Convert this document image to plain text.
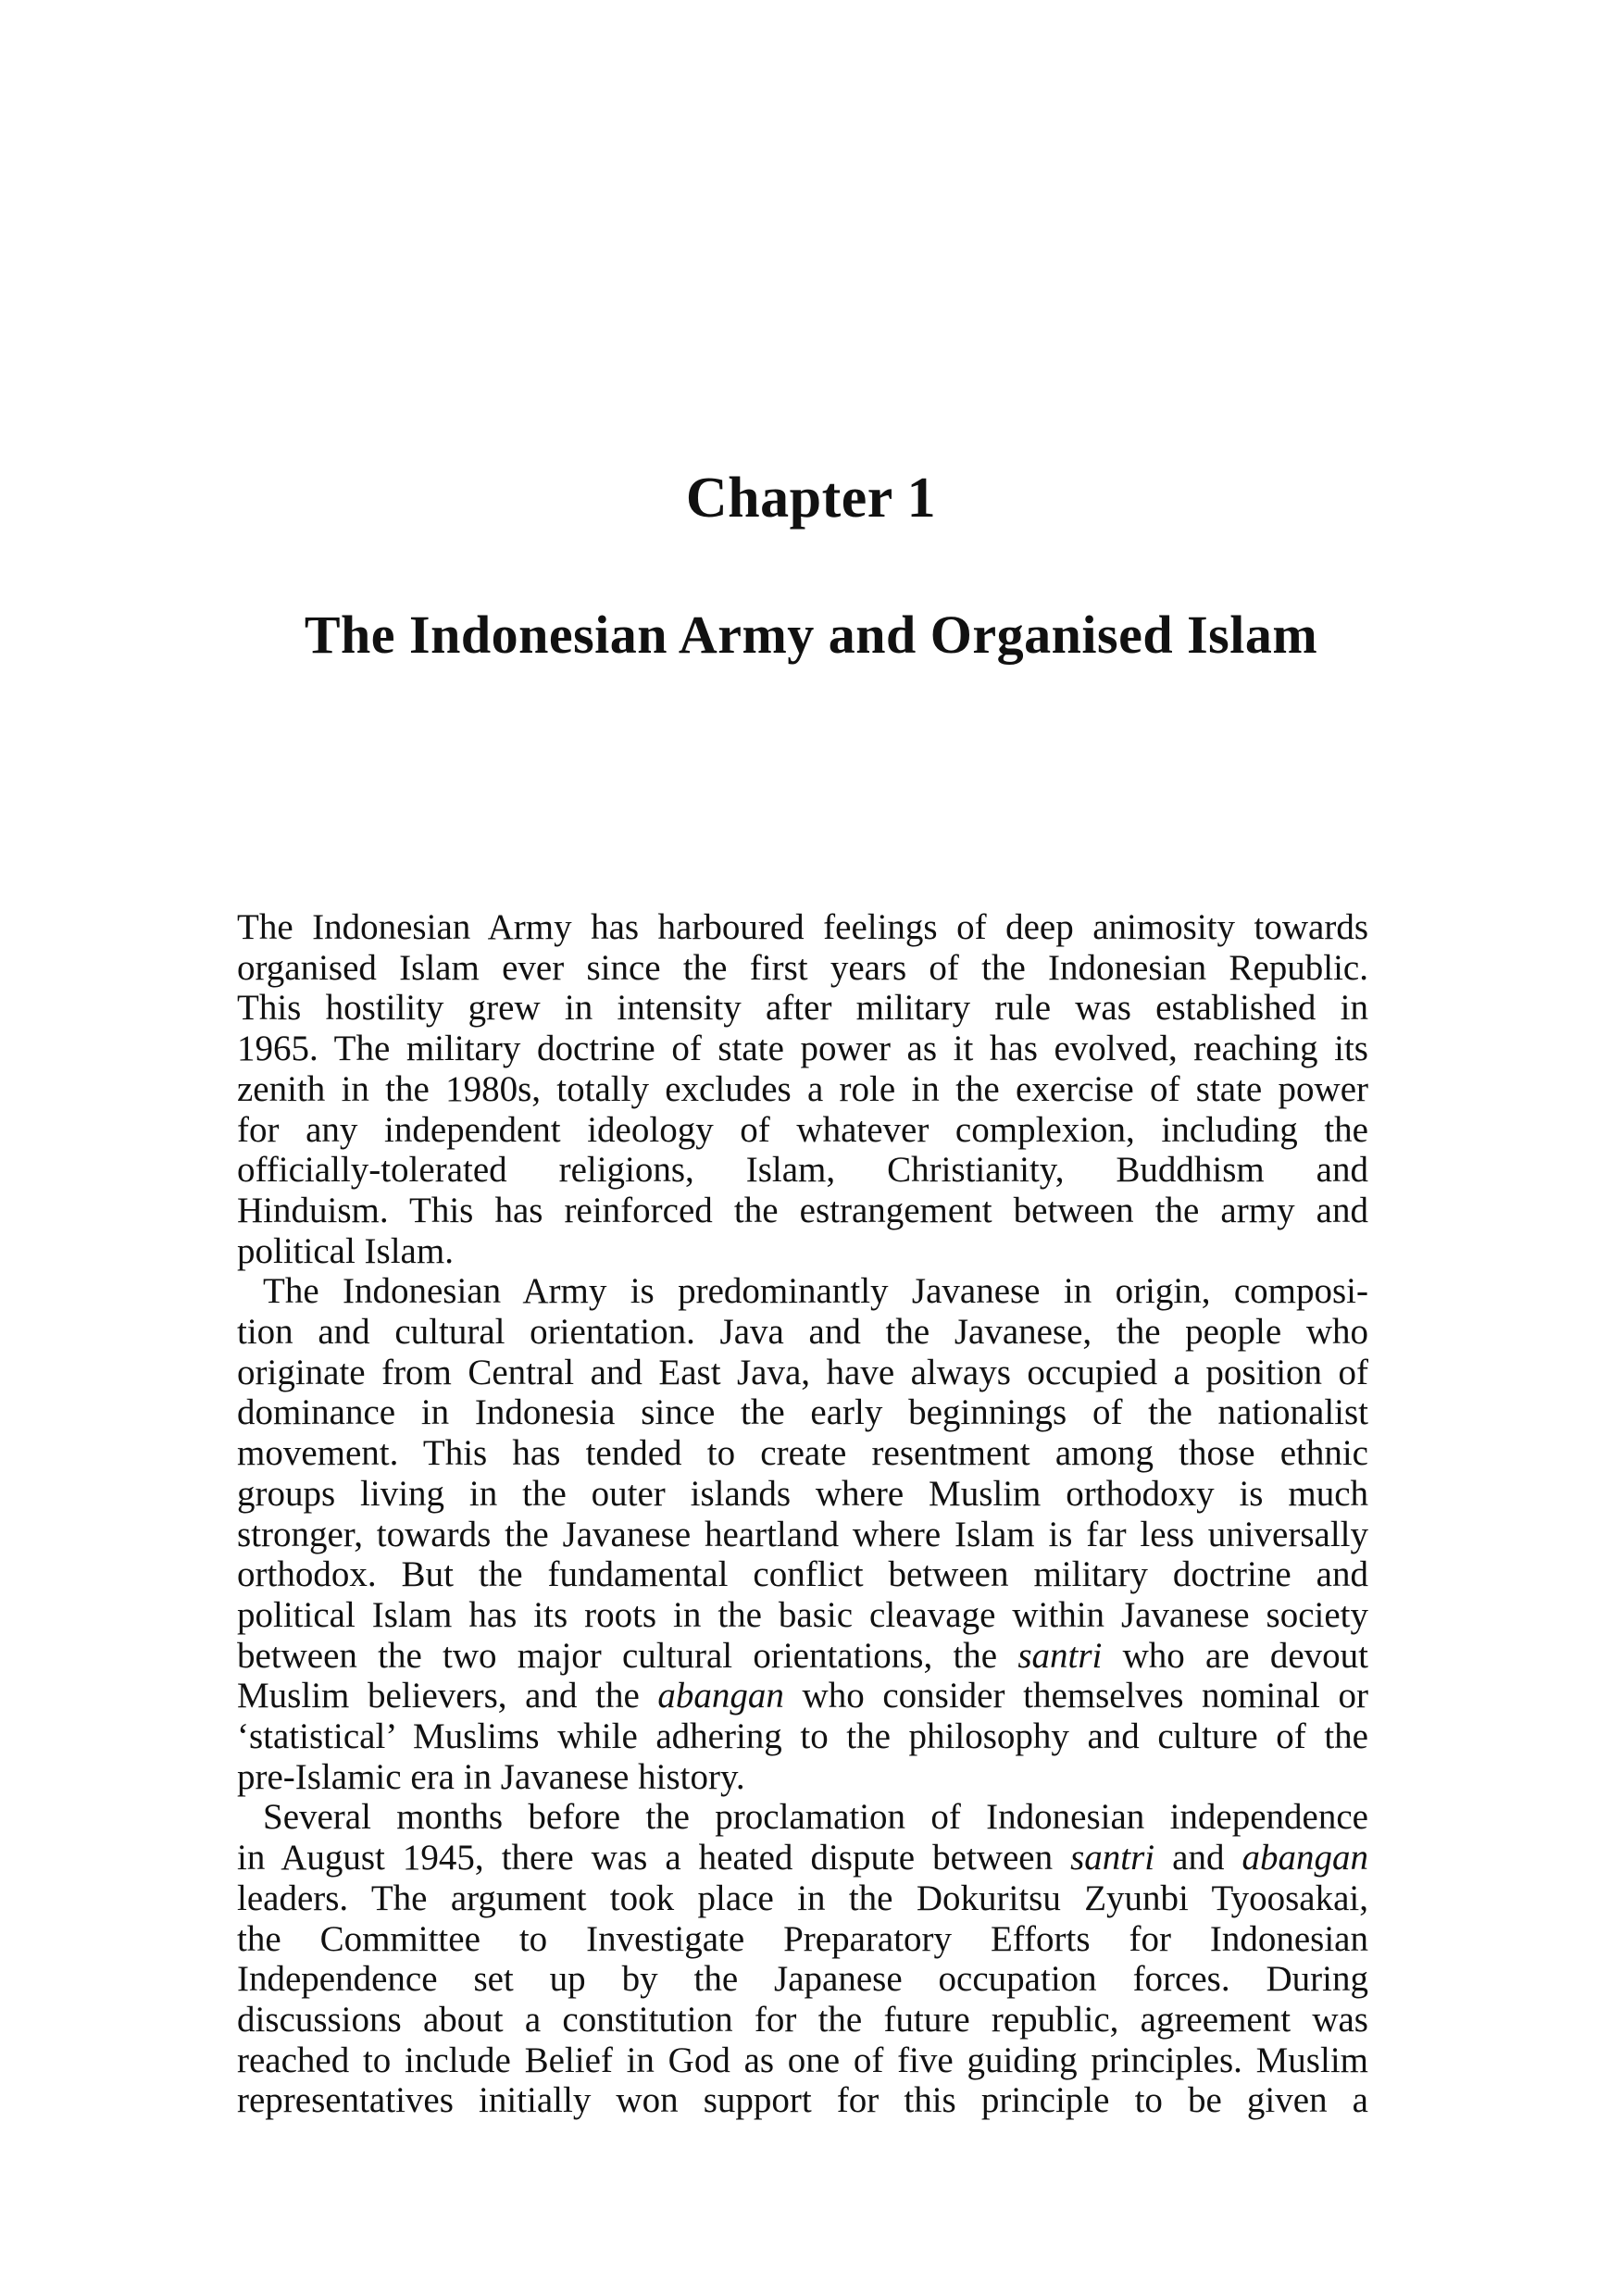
Chapter 1
The Indonesian Army and Organised Islam

The Indonesian Army has harboured feelings of deep animosity towards
organised Islam ever since the first years of the Indonesian Republic.
This hostility grew in intensity after military rule was established in
1965. The military doctrine of state power as it has evolved, reaching its
zenith in the 1980s, totally excludes a role in the exercise of state power
for any independent ideology of whatever complexion, including the
officially-tolerated religions, Islam, Christianity, Buddhism and
Hinduism. This has reinforced the estrangement between the army and
political Islam.

The Indonesian Army is predominantly Javanese in origin, composi-
tion and cultural orientation. Java and the Javanese, the people who
originate from Central and East Java, have always occupied a position of
dominance in Indonesia since the early beginnings of the nationalist
movement. This has tended to create resentment among those ethnic
groups living in the outer islands where Muslim orthodoxy is much
stronger, towards the Javanese heartland where Islam is far less universally
orthodox. But the fundamental conflict between military doctrine and
political Islam has its roots in the basic cleavage within Javanese society
between the two major cultural orientations, the santri who are devout
Muslim believers, and the abangan who consider themselves nominal or
‘statistical’ Muslims while adhering to the philosophy and culture of the
pre-Islamic era in Javanese history.

Several months before the proclamation of Indonesian independence
in August 1945, there was a heated dispute between santri and abangan
leaders. The argument took place in the Dokuritsu Zyunbi Tyoosakai,
the Committee to Investigate Preparatory Efforts for Indonesian
Independence set up by the Japanese occupation forces. During
discussions about a constitution for the future republic, agreement was
reached to include Belief in God as one of five guiding principles. Muslim
representatives initially won support for this principle to be given a
